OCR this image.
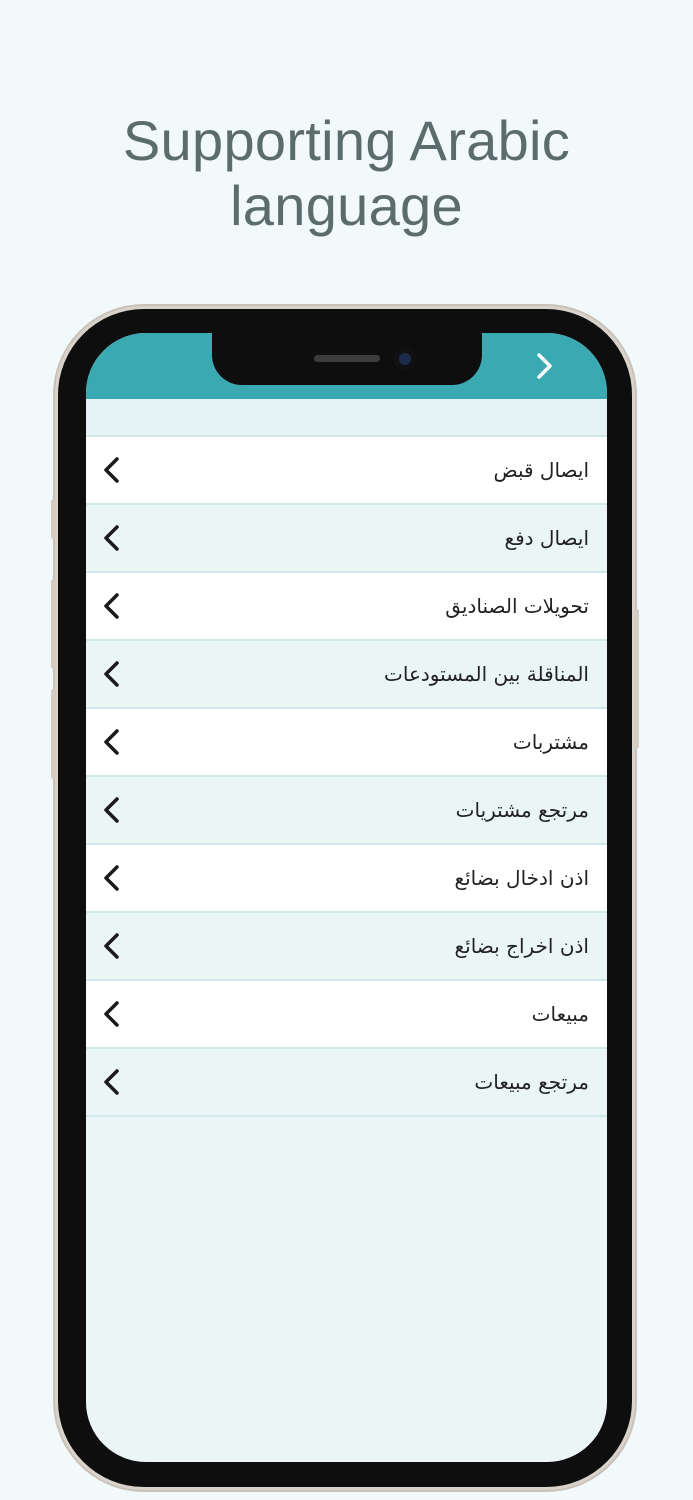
Supporting Arabic language
ايصال قبض
ايصال دفع
تحويلات الصناديق
المناقلة بين المستودعات
مشتربات
مرتجع مشتريات
اذن ادخال بضائع
اذن اخراج بضائع
مبيعات
مرتجع مبيعات
